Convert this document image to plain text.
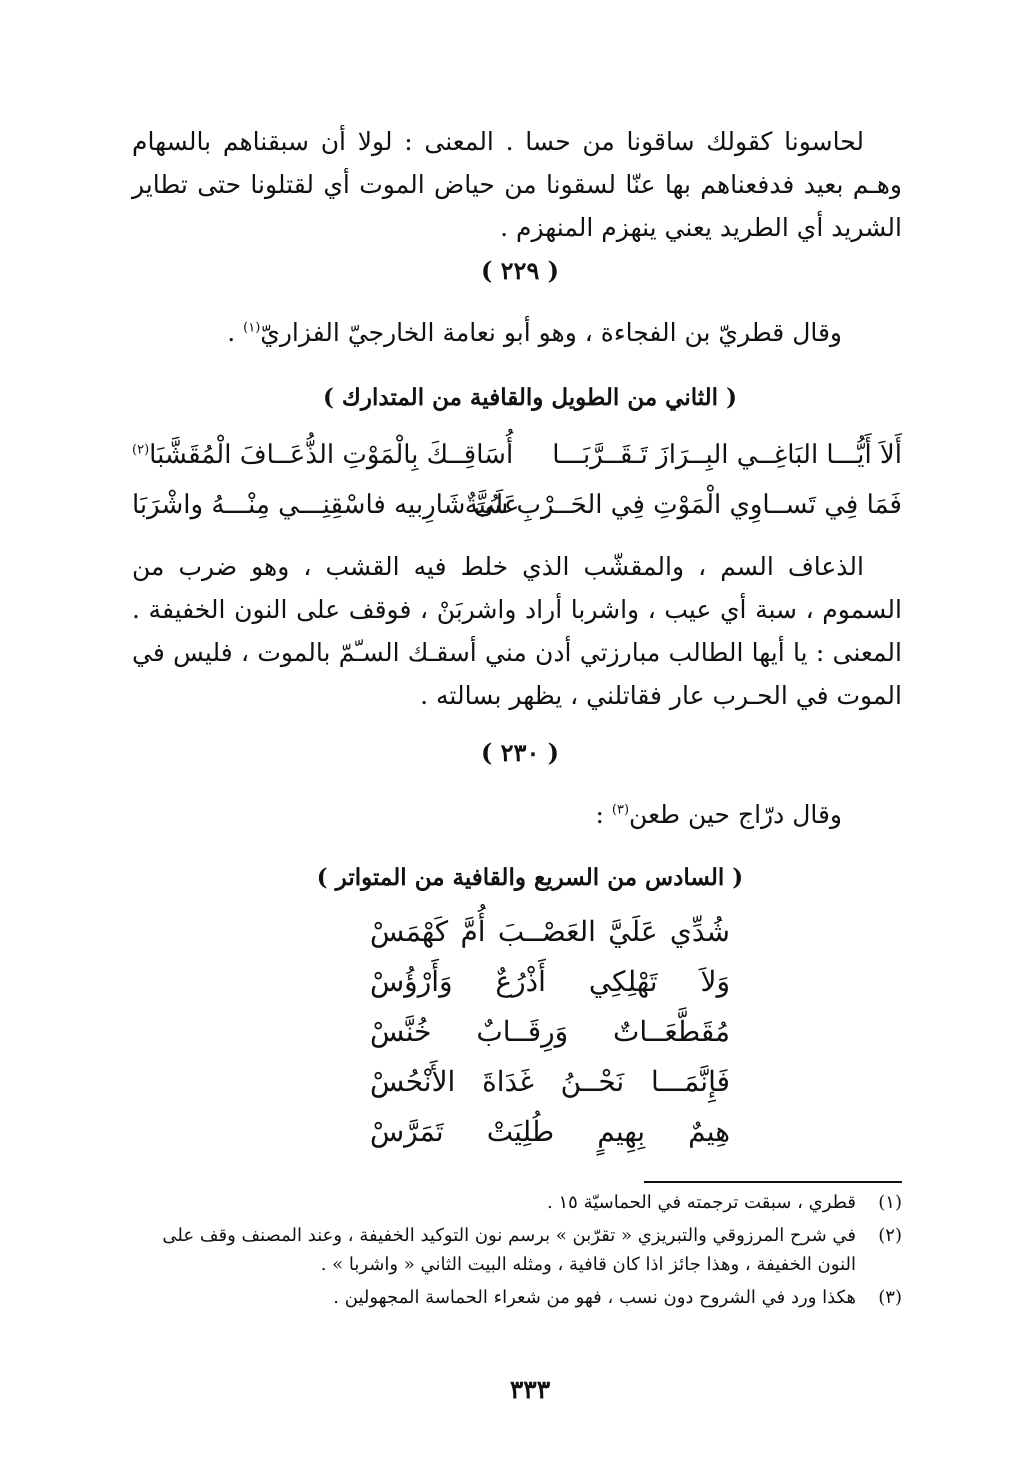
لحاسونا كقولك ساقونا من حسا . المعنى : لولا أن سبقناهم بالسهام وهـم بعيد فدفعناهم بها عنّا لسقونا من حياض الموت أي لقتلونا حتى تطاير الشريد أي الطريد يعني ينهزم المنهزم .

( ٢٢٩ )
وقال قطريّ بن الفجاءة ، وهو أبو نعامة الخارجيّ الفزاريّ$^{(١)}$ .
( الثاني من الطويل والقافية من المتدارك )
أَلاَ أَيُّـــا البَاغِــي البِــرَازَ تَـقَــرَّبَـــا
أُسَاقِــكَ بِالْمَوْتِ الذُّعَــافَ الْمُقَشَّبَا$^{(٢)}$
فَمَا فِي تَســاوِي الْمَوْتِ فِي الحَــرْبِ سُبَّةٌ
عَلَىَ شَارِبيه فاسْقِنِـــي مِنْـــهُ واشْرَبَا

الذعاف السم ، والمقشّب الذي خلط فيه القشب ، وهو ضرب من السموم ، سبة أي عيب ، واشربا أراد واشربَنْ ، فوقف على النون الخفيفة . المعنى : يا أيها الطالب مبارزتي أدن مني أسقـك السـّمّ بالموت ، فليس في الموت في الحـرب عار فقاتلني ، يظهر بسالته .

( ٢٣٠ )
وقال درّاج حين طعن$^{(٣)}$ :
( السادس من السريع والقافية من المتواتر )
شُدِّي عَلَيَّ العَصْــبَ أُمَّ كَهْمَسْ
وَلاَ تَهْلِكِي أَذْرُعٌ وَأَرْؤُسْ
مُقَطَّعَــاتٌ وَرِقَــابٌ خُنَّسْ
فَإِنَّمَـــا نَحْــنُ غَدَاةَ الأَنْحُسْ
هِيمٌ بِهِيمٍ طُلِيَتْ تَمَرَّسْ
(١)
قطري ، سبقت ترجمته في الحماسيّة ١٥ .
(٢)
في شرح المرزوقي والتبريزي « تقرّبن » برسم نون التوكيد الخفيفة ، وعند المصنف وقف على النون الخفيفة ، وهذا جائز اذا كان قافية ، ومثله البيت الثاني « واشربا » .
(٣)
هكذا ورد في الشروح دون نسب ، فهو من شعراء الحماسة المجهولين .
٣٣٣
